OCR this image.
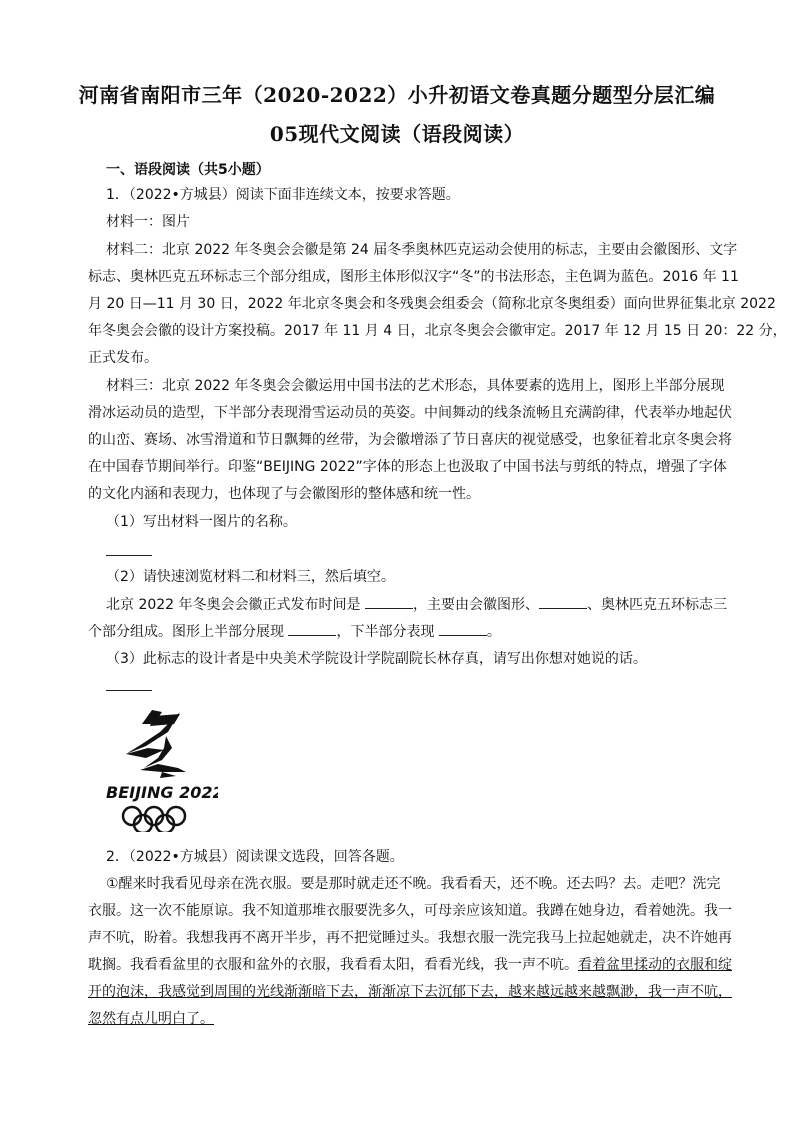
河南省南阳市三年（2020-2022）小升初语文卷真题分题型分层汇编
05现代文阅读（语段阅读）
一、语段阅读（共5小题）
1．（2022•方城县）阅读下面非连续文本，按要求答题。
材料一：图片
材料二：北京 2022 年冬奥会会徽是第 24 届冬季奥林匹克运动会使用的标志，主要由会徽图形、文字
标志、奥林匹克五环标志三个部分组成，图形主体形似汉字“冬”的书法形态，主色调为蓝色。2016 年 11
月 20 日—11 月 30 日，2022 年北京冬奥会和冬残奥会组委会（简称北京冬奥组委）面向世界征集北京 2022
年冬奥会会徽的设计方案投稿。2017 年 11 月 4 日，北京冬奥会会徽审定。2017 年 12 月 15 日 20：22 分，
正式发布。
材料三：北京 2022 年冬奥会会徽运用中国书法的艺术形态，具体要素的选用上，图形上半部分展现
滑冰运动员的造型，下半部分表现滑雪运动员的英姿。中间舞动的线条流畅且充满韵律，代表举办地起伏
的山峦、赛场、冰雪滑道和节日飘舞的丝带，为会徽增添了节日喜庆的视觉感受，也象征着北京冬奥会将
在中国春节期间举行。印鉴“BEIJING 2022”字体的形态上也汲取了中国书法与剪纸的特点，增强了字体
的文化内涵和表现力，也体现了与会徽图形的整体感和统一性。
（1）写出材料一图片的名称。
（2）请快速浏览材料二和材料三，然后填空。
北京 2022 年冬奥会会徽正式发布时间是	，主要由会徽图形、	、奥林匹克五环标志三
个部分组成。图形上半部分展现	，下半部分表现	。
（3）此标志的设计者是中央美术学院设计学院副院长林存真，请写出你想对她说的话。
BEIJING 2022
2．（2022•方城县）阅读课文选段，回答各题。
①醒来时我看见母亲在洗衣服。要是那时就走还不晚。我看看天，还不晚。还去吗？去。走吧？洗完
衣服。这一次不能原谅。我不知道那堆衣服要洗多久，可母亲应该知道。我蹲在她身边，看着她洗。我一
声不吭，盼着。我想我再不离开半步，再不把觉睡过头。我想衣服一洗完我马上拉起她就走，决不许她再
耽搁。我看看盆里的衣服和盆外的衣服，我看看太阳，看看光线，我一声不吭。看着盆里揉动的衣服和绽
开的泡沫，我感觉到周围的光线渐渐暗下去，渐渐凉下去沉郁下去，越来越远越来越飘渺，我一声不吭，
忽然有点儿明白了。
